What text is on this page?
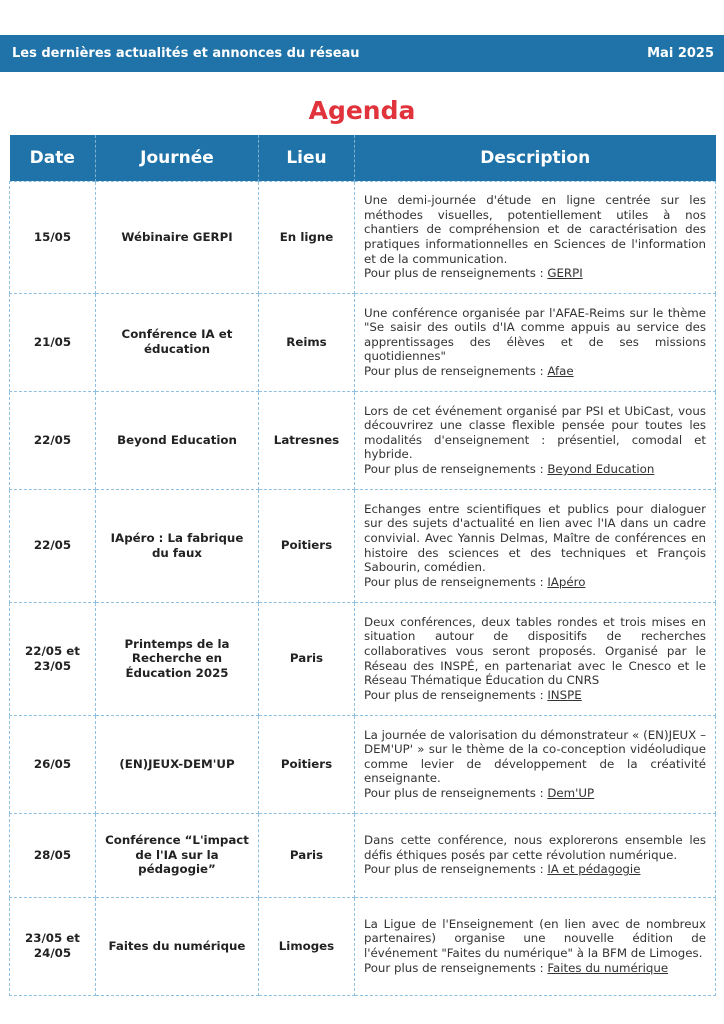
Les dernières actualités et annonces du réseau	Mai 2025
Agenda
Date	Journée	Lieu	Description
15/05	Wébinaire GERPI	En ligne	Une demi-journée d'étude en ligne centrée sur les méthodes visuelles, potentiellement utiles à nos chantiers de compréhension et de caractérisation des pratiques informationnelles en Sciences de l'information et de la communication.
Pour plus de renseignements : GERPI

21/05	Conférence IA et éducation	Reims	Une conférence organisée par l'AFAE-Reims sur le thème "Se saisir des outils d'IA comme appuis au service des apprentissages des élèves et de ses missions quotidiennes"
Pour plus de renseignements : Afae

22/05	Beyond Education	Latresnes	Lors de cet événement organisé par PSI et UbiCast, vous découvrirez une classe flexible pensée pour toutes les modalités d'enseignement : présentiel, comodal et hybride.
Pour plus de renseignements : Beyond Education

22/05	IApéro : La fabrique du faux	Poitiers	Echanges entre scientifiques et publics pour dialoguer sur des sujets d'actualité en lien avec l'IA dans un cadre convivial. Avec Yannis Delmas, Maître de conférences en histoire des sciences et des techniques et François Sabourin, comédien.
Pour plus de renseignements : IApéro

22/05 et 23/05	Printemps de la Recherche en Éducation 2025	Paris	Deux conférences, deux tables rondes et trois mises en situation autour de dispositifs de recherches collaboratives vous seront proposés. Organisé par le Réseau des INSPÉ, en partenariat avec le Cnesco et le Réseau Thématique Éducation du CNRS
Pour plus de renseignements : INSPE

26/05	(EN)JEUX-DEM'UP	Poitiers	La journée de valorisation du démonstrateur « (EN)JEUX – DEM'UP' » sur le thème de la co-conception vidéoludique comme levier de développement de la créativité enseignante.
Pour plus de renseignements : Dem'UP

28/05	Conférence “L'impact de l'IA sur la pédagogie”	Paris	Dans cette conférence, nous explorerons ensemble les défis éthiques posés par cette révolution numérique.
Pour plus de renseignements : IA et pédagogie

23/05 et 24/05	Faites du numérique	Limoges	La Ligue de l'Enseignement (en lien avec de nombreux partenaires) organise une nouvelle édition de l'événement "Faites du numérique" à la BFM de Limoges.
Pour plus de renseignements : Faites du numérique
